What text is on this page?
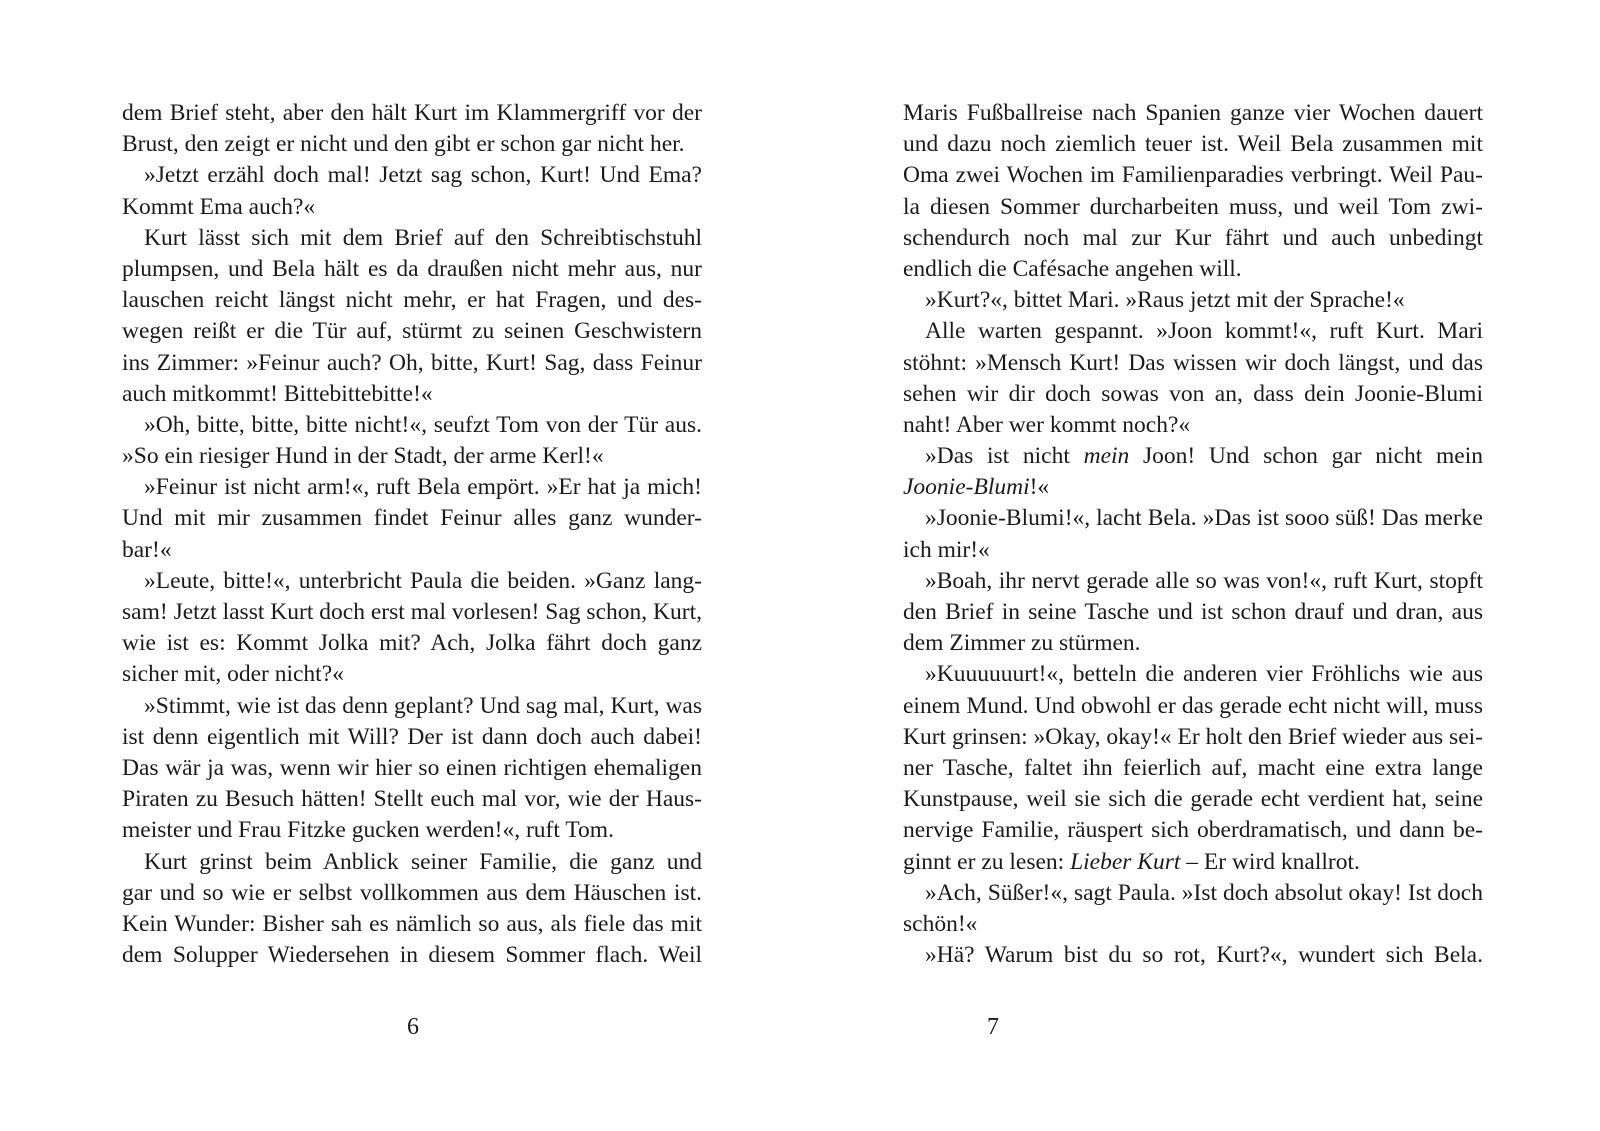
dem Brief steht, aber den hält Kurt im Klammergriff vor der
Brust, den zeigt er nicht und den gibt er schon gar nicht her.
»Jetzt erzähl doch mal! Jetzt sag schon, Kurt! Und Ema?
Kommt Ema auch?«
Kurt lässt sich mit dem Brief auf den Schreibtischstuhl
plumpsen, und Bela hält es da draußen nicht mehr aus, nur
lauschen reicht längst nicht mehr, er hat Fragen, und des-
wegen reißt er die Tür auf, stürmt zu seinen Geschwistern
ins Zimmer: »Feinur auch? Oh, bitte, Kurt! Sag, dass Feinur
auch mitkommt! Bittebittebitte!«
»Oh, bitte, bitte, bitte nicht!«, seufzt Tom von der Tür aus.
»So ein riesiger Hund in der Stadt, der arme Kerl!«
»Feinur ist nicht arm!«, ruft Bela empört. »Er hat ja mich!
Und mit mir zusammen findet Feinur alles ganz wunder-
bar!«
»Leute, bitte!«, unterbricht Paula die beiden. »Ganz lang-
sam! Jetzt lasst Kurt doch erst mal vorlesen! Sag schon, Kurt,
wie ist es: Kommt Jolka mit? Ach, Jolka fährt doch ganz
sicher mit, oder nicht?«
»Stimmt, wie ist das denn geplant? Und sag mal, Kurt, was
ist denn eigentlich mit Will? Der ist dann doch auch dabei!
Das wär ja was, wenn wir hier so einen richtigen ehemaligen
Piraten zu Besuch hätten! Stellt euch mal vor, wie der Haus-
meister und Frau Fitzke gucken werden!«, ruft Tom.
Kurt grinst beim Anblick seiner Familie, die ganz und
gar und so wie er selbst vollkommen aus dem Häuschen ist.
Kein Wunder: Bisher sah es nämlich so aus, als fiele das mit
dem Solupper Wiedersehen in diesem Sommer flach. Weil
6
Maris Fußballreise nach Spanien ganze vier Wochen dauert
und dazu noch ziemlich teuer ist. Weil Bela zusammen mit
Oma zwei Wochen im Familienparadies verbringt. Weil Pau-
la diesen Sommer durcharbeiten muss, und weil Tom zwi-
schendurch noch mal zur Kur fährt und auch unbedingt
endlich die Cafésache angehen will.
»Kurt?«, bittet Mari. »Raus jetzt mit der Sprache!«
Alle warten gespannt. »Joon kommt!«, ruft Kurt. Mari
stöhnt: »Mensch Kurt! Das wissen wir doch längst, und das
sehen wir dir doch sowas von an, dass dein Joonie-Blumi
naht! Aber wer kommt noch?«
»Das ist nicht mein Joon! Und schon gar nicht mein
Joonie-Blumi!«
»Joonie-Blumi!«, lacht Bela. »Das ist sooo süß! Das merke
ich mir!«
»Boah, ihr nervt gerade alle so was von!«, ruft Kurt, stopft
den Brief in seine Tasche und ist schon drauf und dran, aus
dem Zimmer zu stürmen.
»Kuuuuuurt!«, betteln die anderen vier Fröhlichs wie aus
einem Mund. Und obwohl er das gerade echt nicht will, muss
Kurt grinsen: »Okay, okay!« Er holt den Brief wieder aus sei-
ner Tasche, faltet ihn feierlich auf, macht eine extra lange
Kunstpause, weil sie sich die gerade echt verdient hat, seine
nervige Familie, räuspert sich oberdramatisch, und dann be-
ginnt er zu lesen: Lieber Kurt – Er wird knallrot.
»Ach, Süßer!«, sagt Paula. »Ist doch absolut okay! Ist doch
schön!«
»Hä? Warum bist du so rot, Kurt?«, wundert sich Bela.
7
